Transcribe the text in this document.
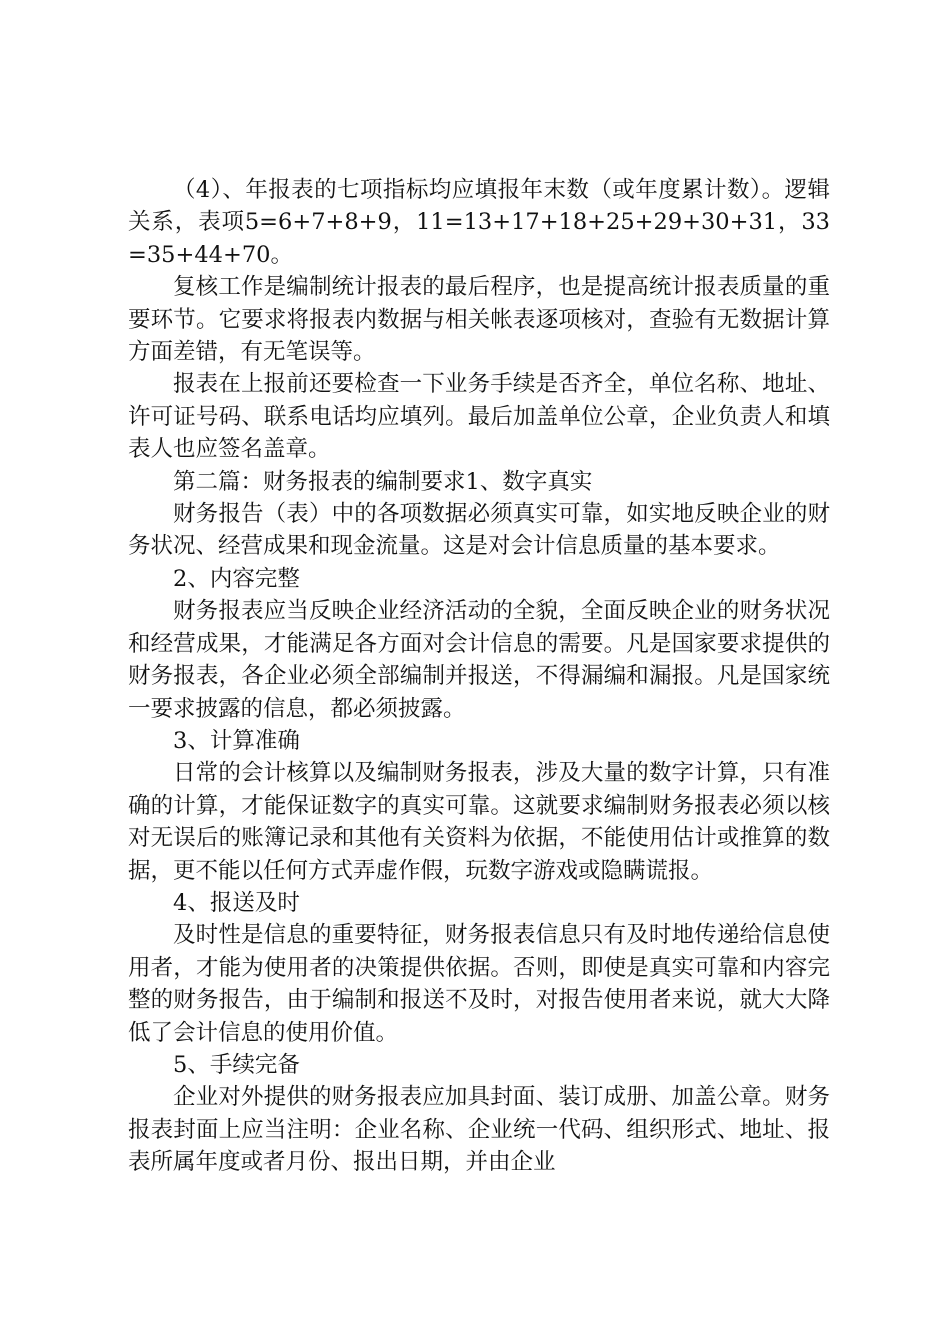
（4）、年报表的七项指标均应填报年末数（或年度累计数）。逻辑关系，表项5=6+7+8+9，11=13+17+18+25+29+30+31，33=35+44+70。

复核工作是编制统计报表的最后程序，也是提高统计报表质量的重要环节。它要求将报表内数据与相关帐表逐项核对，查验有无数据计算方面差错，有无笔误等。

报表在上报前还要检查一下业务手续是否齐全，单位名称、地址、许可证号码、联系电话均应填列。最后加盖单位公章，企业负责人和填表人也应签名盖章。

第二篇：财务报表的编制要求1、数字真实

财务报告（表）中的各项数据必须真实可靠，如实地反映企业的财务状况、经营成果和现金流量。这是对会计信息质量的基本要求。

2、内容完整

财务报表应当反映企业经济活动的全貌，全面反映企业的财务状况和经营成果，才能满足各方面对会计信息的需要。凡是国家要求提供的财务报表，各企业必须全部编制并报送，不得漏编和漏报。凡是国家统一要求披露的信息，都必须披露。

3、计算准确

日常的会计核算以及编制财务报表，涉及大量的数字计算，只有准确的计算，才能保证数字的真实可靠。这就要求编制财务报表必须以核对无误后的账簿记录和其他有关资料为依据，不能使用估计或推算的数据，更不能以任何方式弄虚作假，玩数字游戏或隐瞒谎报。

4、报送及时

及时性是信息的重要特征，财务报表信息只有及时地传递给信息使用者，才能为使用者的决策提供依据。否则，即使是真实可靠和内容完整的财务报告，由于编制和报送不及时，对报告使用者来说，就大大降低了会计信息的使用价值。

5、手续完备

企业对外提供的财务报表应加具封面、装订成册、加盖公章。财务报表封面上应当注明：企业名称、企业统一代码、组织形式、地址、报表所属年度或者月份、报出日期，并由企业
